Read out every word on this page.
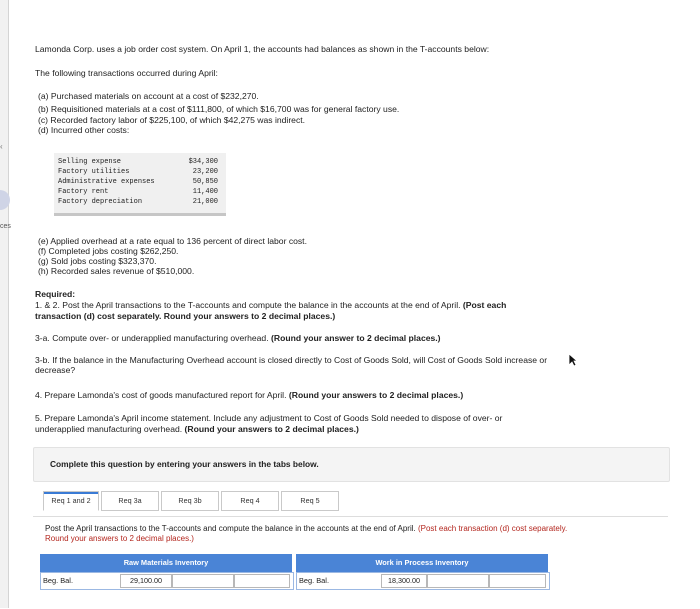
‹
ces
Lamonda Corp. uses a job order cost system. On April 1, the accounts had balances as shown in the T-accounts below:
The following transactions occurred during April:
(a) Purchased materials on account at a cost of $232,270.
(b) Requisitioned materials at a cost of $111,800, of which $16,700 was for general factory use.
(c) Recorded factory labor of $225,100, of which $42,275 was indirect.
(d) Incurred other costs:
Selling expense	$34,300
Factory utilities	23,200
Administrative expenses	50,850
Factory rent	11,400
Factory depreciation	21,000
(e) Applied overhead at a rate equal to 136 percent of direct labor cost.
(f) Completed jobs costing $262,250.
(g) Sold jobs costing $323,370.
(h) Recorded sales revenue of $510,000.
Required:
1. & 2. Post the April transactions to the T-accounts and compute the balance in the accounts at the end of April. (Post each
transaction (d) cost separately. Round your answers to 2 decimal places.)
3-a. Compute over- or underapplied manufacturing overhead. (Round your answer to 2 decimal places.)
3-b. If the balance in the Manufacturing Overhead account is closed directly to Cost of Goods Sold, will Cost of Goods Sold increase or
decrease?
4. Prepare Lamonda's cost of goods manufactured report for April. (Round your answers to 2 decimal places.)
5. Prepare Lamonda's April income statement. Include any adjustment to Cost of Goods Sold needed to dispose of over- or
underapplied manufacturing overhead. (Round your answers to 2 decimal places.)
Complete this question by entering your answers in the tabs below.
Req 1 and 2	Req 3a	Req 3b	Req 4	Req 5
Post the April transactions to the T-accounts and compute the balance in the accounts at the end of April. (Post each transaction (d) cost separately.
Round your answers to 2 decimal places.)
Raw Materials Inventory
Beg. Bal.	29,100.00
Work in Process Inventory
Beg. Bal.	18,300.00
